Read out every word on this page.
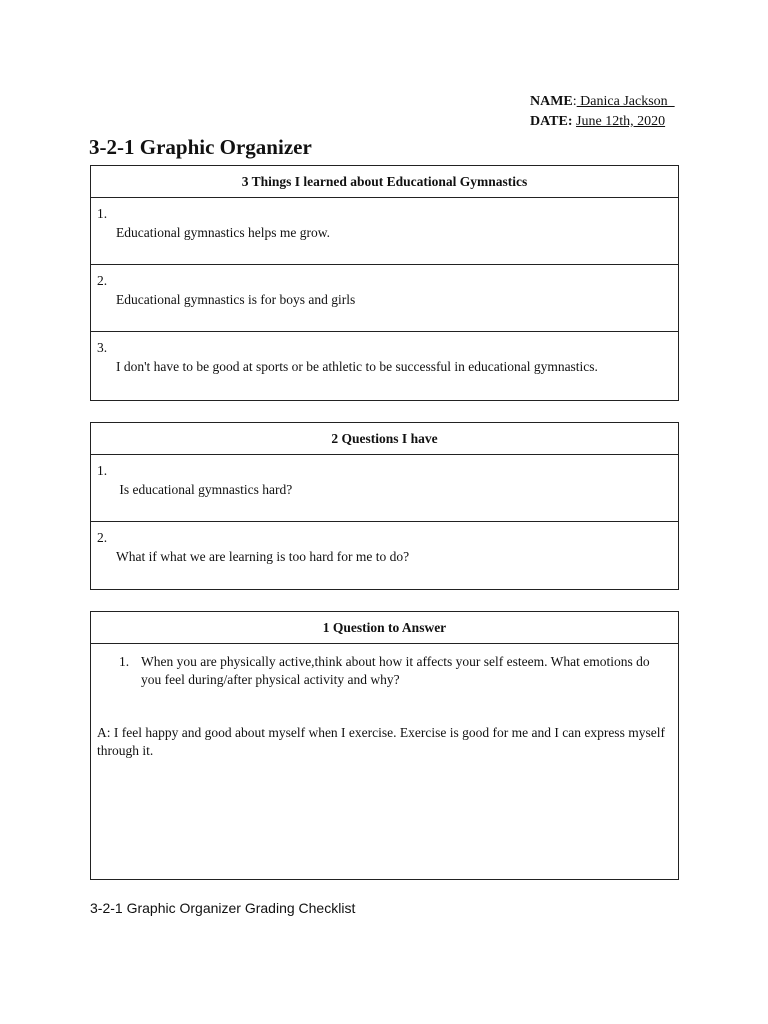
NAME: Danica Jackson
DATE: June 12th, 2020
3-2-1 Graphic Organizer
3 Things I learned about Educational Gymnastics
1.
Educational gymnastics helps me grow.
2.
Educational gymnastics is for boys and girls
3.
I don't have to be good at sports or be athletic to be successful in educational gymnastics.
2 Questions I have
1.
Is educational gymnastics hard?
2.
What if what we are learning is too hard for me to do?
1 Question to Answer
1. When you are physically active,think about how it affects your self esteem. What emotions do you feel during/after physical activity and why?
A: I feel happy and good about myself when I exercise. Exercise is good for me and I can express myself through it.
3-2-1 Graphic Organizer Grading Checklist
